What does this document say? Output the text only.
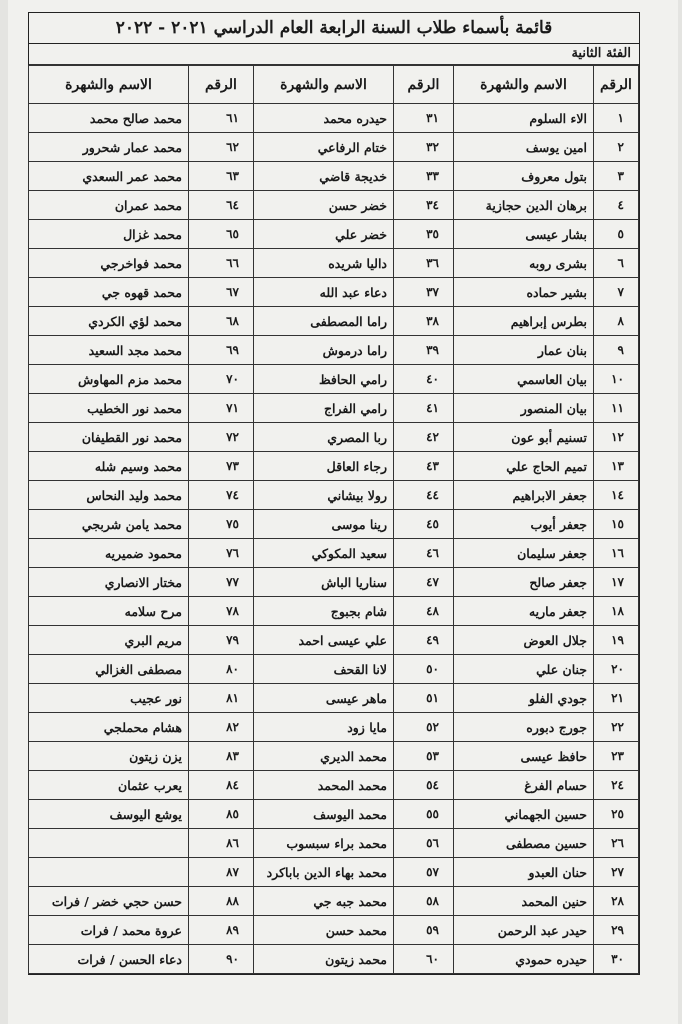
قائمة بأسماء طلاب السنة الرابعة العام الدراسي ٢٠٢١ - ٢٠٢٢
الفئة الثانية
الرقم	الاسم والشهرة	الرقم	الاسم والشهرة	الرقم	الاسم والشهرة
١	الاء السلوم	٣١	حيدره محمد	٦١	محمد صالح محمد
٢	امين يوسف	٣٢	ختام الرفاعي	٦٢	محمد عمار شحرور
٣	بتول معروف	٣٣	خديجة قاضي	٦٣	محمد عمر السعدي
٤	برهان الدين حجازية	٣٤	خضر حسن	٦٤	محمد عمران
٥	بشار عيسى	٣٥	خضر علي	٦٥	محمد غزال
٦	بشرى روبه	٣٦	داليا شريده	٦٦	محمد فواخرجي
٧	بشير حماده	٣٧	دعاء عبد الله	٦٧	محمد قهوه جي
٨	بطرس إبراهيم	٣٨	راما المصطفى	٦٨	محمد لؤي الكردي
٩	بنان عمار	٣٩	راما درموش	٦٩	محمد مجد السعيد
١٠	بيان العاسمي	٤٠	رامي الحافظ	٧٠	محمد مزم المهاوش
١١	بيان المنصور	٤١	رامي الفراج	٧١	محمد نور الخطيب
١٢	تسنيم أبو عون	٤٢	ربا المصري	٧٢	محمد نور القطيفان
١٣	تميم الحاج علي	٤٣	رجاء العاقل	٧٣	محمد وسيم شله
١٤	جعفر الابراهيم	٤٤	رولا بيشاني	٧٤	محمد وليد النحاس
١٥	جعفر أيوب	٤٥	رينا موسى	٧٥	محمد يامن شربجي
١٦	جعفر سليمان	٤٦	سعيد المكوكي	٧٦	محمود ضميريه
١٧	جعفر صالح	٤٧	سناريا الباش	٧٧	مختار الانصاري
١٨	جعفر ماريه	٤٨	شام بجبوج	٧٨	مرح سلامه
١٩	جلال العوض	٤٩	علي عيسى احمد	٧٩	مريم البري
٢٠	جنان علي	٥٠	لانا القحف	٨٠	مصطفى الغزالي
٢١	جودي الفلو	٥١	ماهر عيسى	٨١	نور عجيب
٢٢	جورج دبوره	٥٢	مايا زود	٨٢	هشام محملجي
٢٣	حافظ عيسى	٥٣	محمد الديري	٨٣	يزن زيتون
٢٤	حسام الفرغ	٥٤	محمد المحمد	٨٤	يعرب عثمان
٢٥	حسين الجهماني	٥٥	محمد اليوسف	٨٥	يوشع اليوسف
٢٦	حسين مصطفى	٥٦	محمد براء سبسوب	٨٦	
٢٧	حنان العبدو	٥٧	محمد بهاء الدين باباكرد	٨٧	
٢٨	حنين المحمد	٥٨	محمد جبه جي	٨٨	حسن حجي خضر / فرات
٢٩	حيدر عبد الرحمن	٥٩	محمد حسن	٨٩	عروة محمد / فرات
٣٠	حيدره حمودي	٦٠	محمد زيتون	٩٠	دعاء الحسن / فرات
